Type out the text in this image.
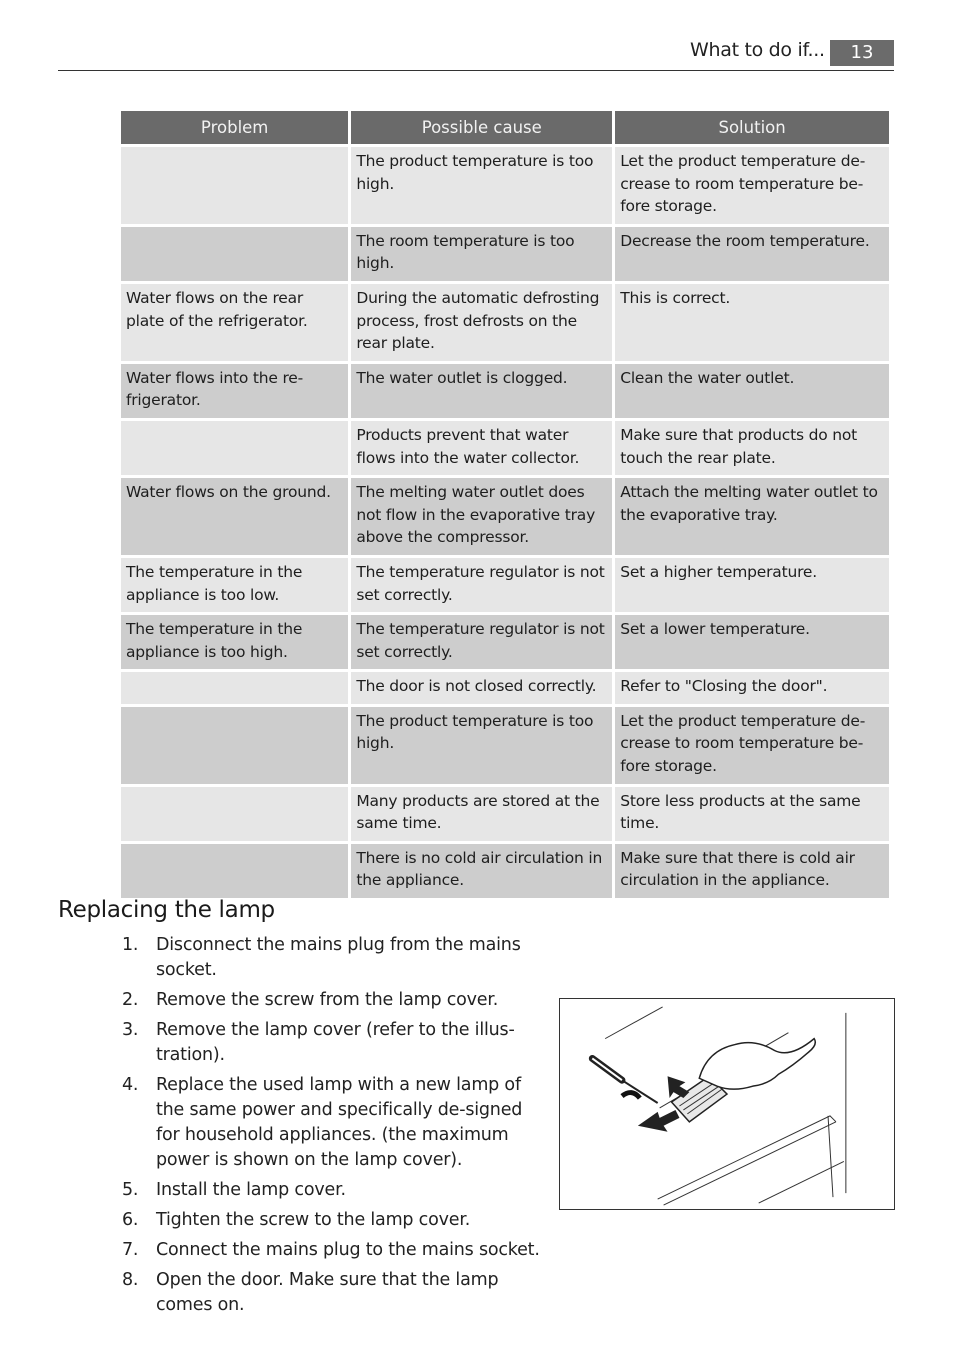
What to do if...	13
Problem	Possible cause	Solution
	The product temperature is too high.	Let the product temperature de-crease to room temperature be-fore storage.
	The room temperature is too high.	Decrease the room temperature.
Water flows on the rear plate of the refrigerator.	During the automatic defrosting process, frost defrosts on the rear plate.	This is correct.
Water flows into the re-frigerator.	The water outlet is clogged.	Clean the water outlet.
	Products prevent that water flows into the water collector.	Make sure that products do not touch the rear plate.
Water flows on the ground.	The melting water outlet does not flow in the evaporative tray above the compressor.	Attach the melting water outlet to the evaporative tray.
The temperature in the appliance is too low.	The temperature regulator is not set correctly.	Set a higher temperature.
The temperature in the appliance is too high.	The temperature regulator is not set correctly.	Set a lower temperature.
	The door is not closed correctly.	Refer to "Closing the door".
	The product temperature is too high.	Let the product temperature de-crease to room temperature be-fore storage.
	Many products are stored at the same time.	Store less products at the same time.
	There is no cold air circulation in the appliance.	Make sure that there is cold air circulation in the appliance.
Replacing the lamp
1. Disconnect the mains plug from the mains socket.
2. Remove the screw from the lamp cover.
3. Remove the lamp cover (refer to the illus-tration).
4. Replace the used lamp with a new lamp of the same power and specifically de-signed for household appliances. (the maximum power is shown on the lamp cover).
5. Install the lamp cover.
6. Tighten the screw to the lamp cover.
7. Connect the mains plug to the mains socket.
8. Open the door. Make sure that the lamp comes on.
